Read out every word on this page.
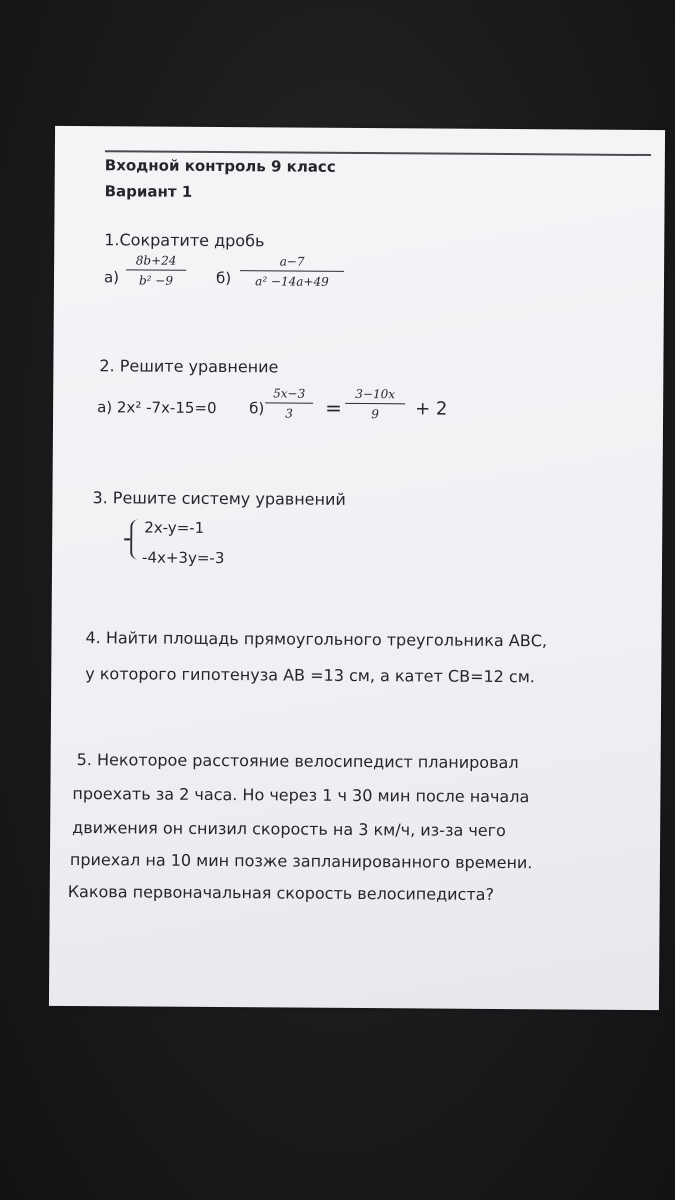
Входной контроль 9 класс
Вариант 1
1.Сократите дробь
а)
8b+24
b² −9	б)
a−7
a² −14a+49
2. Решите уравнение
а) 2x² -7x-15=0 б)
5x−3
3	=
3−10x
9	+ 2
3. Решите систему уравнений
2x-y=-1
-4x+3y=-3
4. Найти площадь прямоугольного треугольника АВС,
у которого гипотенуза АВ =13 см, а катет СВ=12 см.
5. Некоторое расстояние велосипедист планировал
проехать за 2 часа. Но через 1 ч 30 мин после начала
движения он снизил скорость на 3 км/ч, из-за чего
приехал на 10 мин позже запланированного времени.
Какова первоначальная скорость велосипедиста?
